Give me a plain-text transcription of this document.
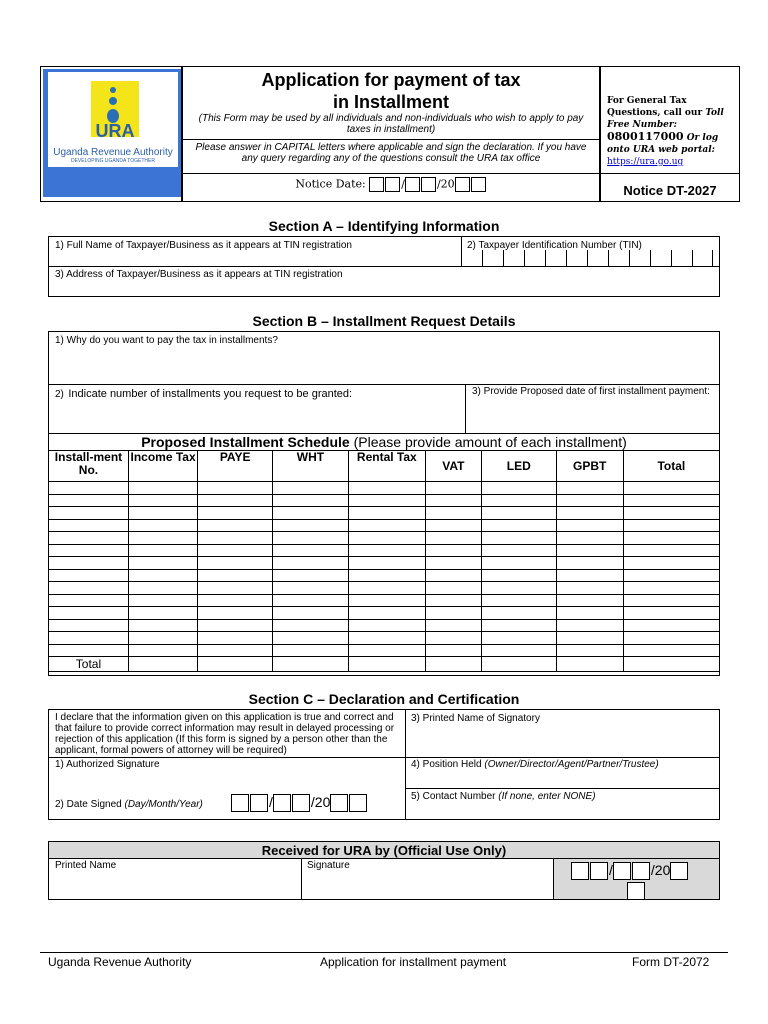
URA
Uganda Revenue Authority
DEVELOPING UGANDA TOGETHER
Application for payment of tax
in Installment
(This Form may be used by all individuals and non-individuals who wish to apply to pay taxes in installment)
Please answer in CAPITAL letters where applicable and sign the declaration. If you have any query regarding any of the questions consult the URA tax office
Notice Date:	/	/20
For General Tax Questions, call our Toll Free Number: 0800117000 Or log onto URA web portal: https://ura.go.ug
Notice DT-2027
Section A – Identifying Information
1) Full Name of Taxpayer/Business as it appears at TIN registration	2) Taxpayer Identification Number (TIN)
3) Address of Taxpayer/Business as it appears at TIN registration
Section B – Installment Request Details
1) Why do you want to pay the tax in installments?
2) Indicate number of installments you request to be granted:	3) Provide Proposed date of first installment payment:
Proposed Installment Schedule (Please provide amount of each installment)
Install-ment No.	Income Tax	PAYE	WHT	Rental Tax	VAT	LED	GPBT	Total

Total								
Section C – Declaration and Certification
I declare that the information given on this application is true and correct and that failure to provide correct information may result in delayed processing or rejection of this application (If this form is signed by a person other than the applicant, formal powers of attorney will be required)
1) Authorized Signature
2) Date Signed (Day/Month/Year)	/	/20
3) Printed Name of Signatory
4) Position Held (Owner/Director/Agent/Partner/Trustee)
5) Contact Number (If none, enter NONE)
Received for URA by (Official Use Only)
Printed Name	Signature	/	/20

Uganda Revenue Authority	Application for installment payment	Form DT-2072
